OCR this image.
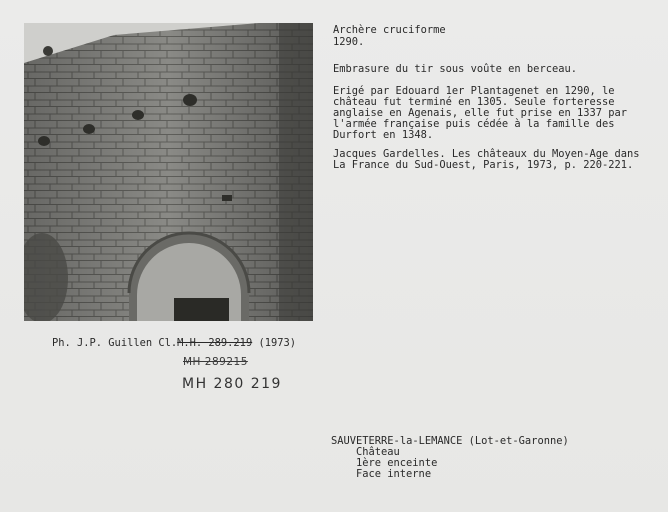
Archère cruciforme
1290.
Embrasure du tir sous voûte en berceau.
Erigé par Edouard 1er Plantagenet en 1290, le
château fut terminé en 1305. Seule forteresse
anglaise en Agenais, elle fut prise en 1337 par
l'armée française puis cédée à la famille des
Durfort en 1348.
Jacques Gardelles. Les châteaux du Moyen-Age dans
La France du Sud-Ouest, Paris, 1973, p. 220-221.
Ph. J.P. Guillen Cl.M.H. 289.219 (1973)
MH 289215
MH 280 219
SAUVETERRE-la-LEMANCE (Lot-et-Garonne)
Château
1ère enceinte
Face interne
